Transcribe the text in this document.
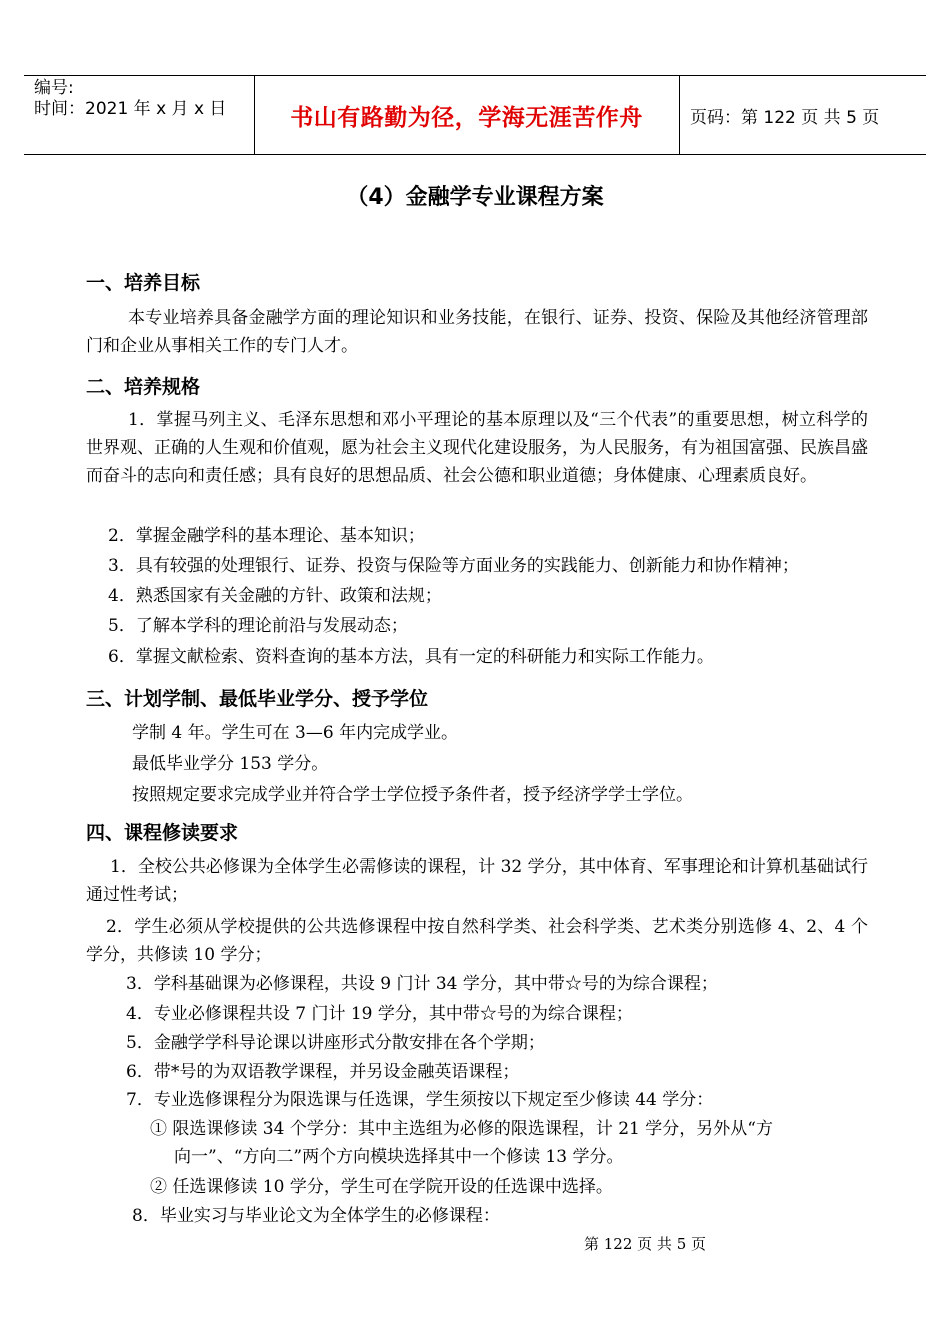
编号:
时间：2021 年 x 月 x 日	书山有路勤为径，学海无涯苦作舟	页码：第 122 页 共 5 页
（4）金融学专业课程方案
一、培养目标
本专业培养具备金融学方面的理论知识和业务技能，在银行、证券、投资、保险及其他经济管理部门和企业从事相关工作的专门人才。
二、培养规格
1．掌握马列主义、毛泽东思想和邓小平理论的基本原理以及“三个代表”的重要思想，树立科学的世界观、正确的人生观和价值观，愿为社会主义现代化建设服务，为人民服务，有为祖国富强、民族昌盛而奋斗的志向和责任感；具有良好的思想品质、社会公德和职业道德；身体健康、心理素质良好。
2．掌握金融学科的基本理论、基本知识；
3．具有较强的处理银行、证券、投资与保险等方面业务的实践能力、创新能力和协作精神；
4．熟悉国家有关金融的方针、政策和法规；
5．了解本学科的理论前沿与发展动态；
6．掌握文献检索、资料查询的基本方法，具有一定的科研能力和实际工作能力。
三、计划学制、最低毕业学分、授予学位
学制 4 年。学生可在 3—6 年内完成学业。
最低毕业学分 153 学分。
按照规定要求完成学业并符合学士学位授予条件者，授予经济学学士学位。
四、课程修读要求
1．全校公共必修课为全体学生必需修读的课程，计 32 学分，其中体育、军事理论和计算机基础试行通过性考试；
2．学生必须从学校提供的公共选修课程中按自然科学类、社会科学类、艺术类分别选修 4、2、4 个学分，共修读 10 学分；
3．学科基础课为必修课程，共设 9 门计 34 学分，其中带☆号的为综合课程；
4．专业必修课程共设 7 门计 19 学分，其中带☆号的为综合课程；
5．金融学学科导论课以讲座形式分散安排在各个学期；
6．带*号的为双语教学课程，并另设金融英语课程；
7．专业选修课程分为限选课与任选课，学生须按以下规定至少修读 44 学分：
① 限选课修读 34 个学分：其中主选组为必修的限选课程，计 21 学分，另外从“方
向一”、“方向二”两个方向模块选择其中一个修读 13 学分。
② 任选课修读 10 学分，学生可在学院开设的任选课中选择。
8．毕业实习与毕业论文为全体学生的必修课程：
第 122 页 共 5 页
